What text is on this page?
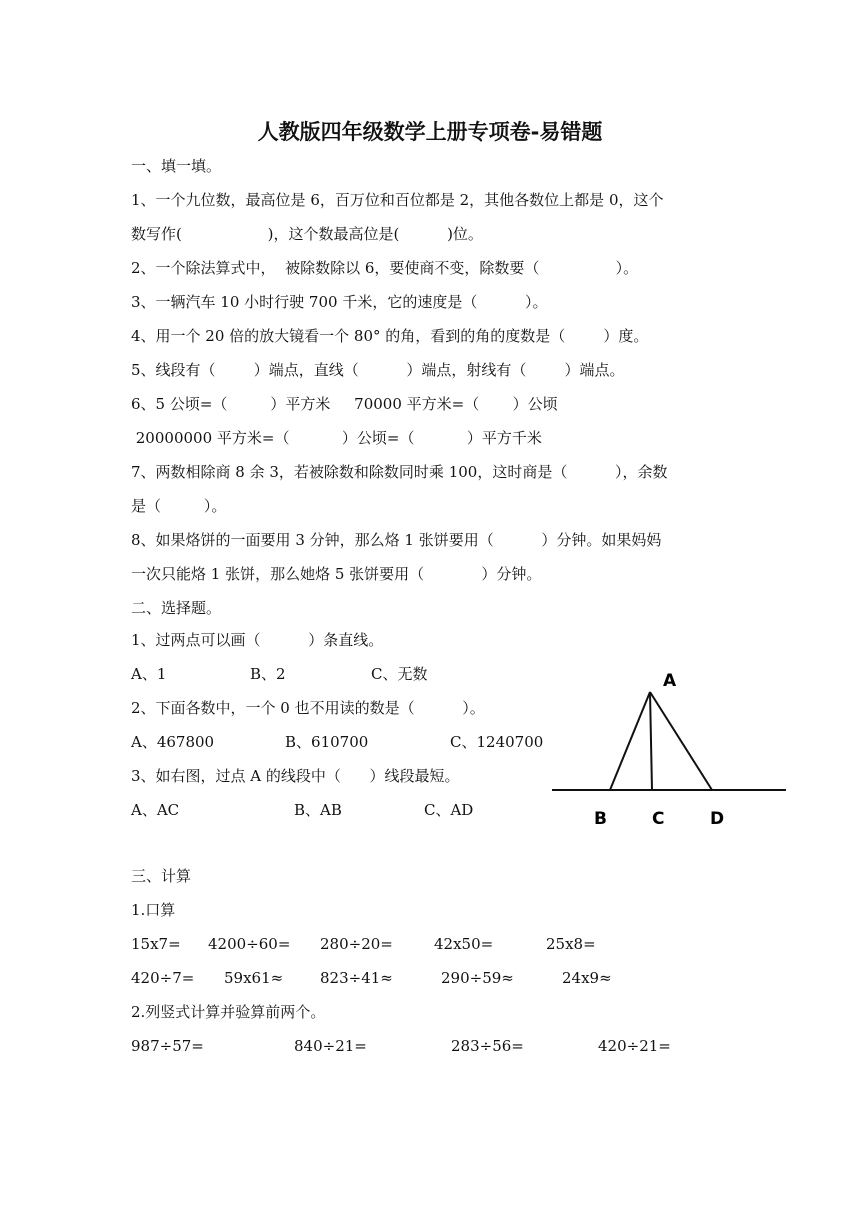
人教版四年级数学上册专项卷-易错题
一、填一填。
1、一个九位数，最高位是 6，百万位和百位都是 2，其他各数位上都是 0，这个
数写作(                  )，这个数最高位是(          )位。
2、一个除法算式中，  被除数除以 6，要使商不变，除数要（                ）。
3、一辆汽车 10 小时行驶 700 千米，它的速度是（          ）。
4、用一个 20 倍的放大镜看一个 80° 的角，看到的角的度数是（        ）度。
5、线段有（        ）端点，直线（          ）端点，射线有（        ）端点。
6、5 公顷=（         ）平方米     70000 平方米=（       ）公顷
20000000 平方米=（           ）公顷=（           ）平方千米
7、两数相除商 8 余 3，若被除数和除数同时乘 100，这时商是（          ），余数
是（         ）。
8、如果烙饼的一面要用 3 分钟，那么烙 1 张饼要用（          ）分钟。如果妈妈
一次只能烙 1 张饼，那么她烙 5 张饼要用（            ）分钟。
二、选择题。
1、过两点可以画（          ）条直线。
A、1	B、2	C、无数
2、下面各数中，一个 0 也不用读的数是（          ）。
A、467800	B、610700	C、1240700
3、如右图，过点 A 的线段中（      ）线段最短。
A、AC	B、AB	C、AD
A
B	C	D
三、计算
1.口算
15x7= 4200÷60= 280÷20=	42x50=	25x8=
420÷7= 59x61≈ 823÷41≈	290÷59≈	24x9≈
2.列竖式计算并验算前两个。
987÷57=	840÷21=	283÷56=	420÷21=
